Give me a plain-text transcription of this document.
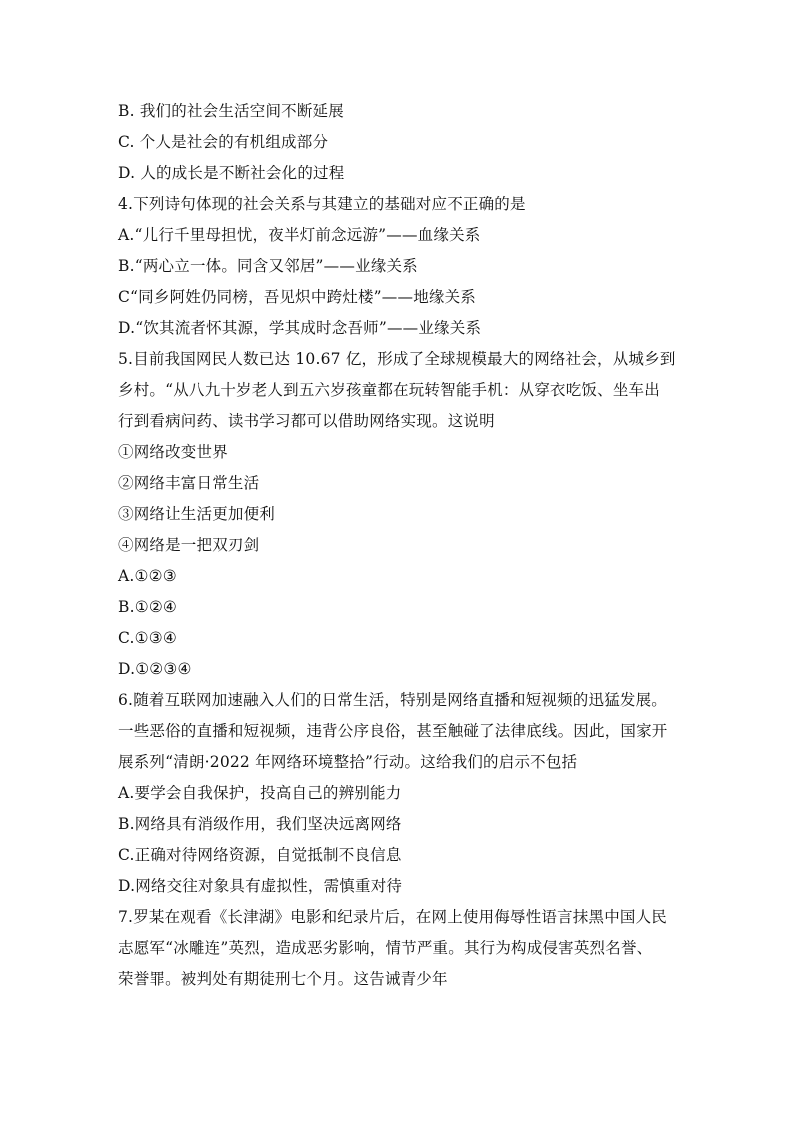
B. 我们的社会生活空间不断延展
C. 个人是社会的有机组成部分
D. 人的成长是不断社会化的过程
4.下列诗句体现的社会关系与其建立的基础对应不正确的是
A.“儿行千里母担忧，夜半灯前念远游”——血缘关系
B.“两心立一体。同含又邻居”——业缘关系
C“同乡阿姓仍同榜，吾见炽中跨灶楼”——地缘关系
D.“饮其流者怀其源，学其成时念吾师”——业缘关系
5.目前我国网民人数已达 10.67 亿，形成了全球规模最大的网络社会，从城乡到
乡村。“从八九十岁老人到五六岁孩童都在玩转智能手机：从穿衣吃饭、坐车出
行到看病问药、读书学习都可以借助网络实现。这说明
①网络改变世界
②网络丰富日常生活
③网络让生活更加便利
④网络是一把双刃剑
A.①②③
B.①②④
C.①③④
D.①②③④
6.随着互联网加速融入人们的日常生活，特别是网络直播和短视频的迅猛发展。
一些恶俗的直播和短视频，违背公序良俗，甚至触碰了法律底线。因此，国家开
展系列“清朗·2022 年网络环境整拾”行动。这给我们的启示不包括
A.要学会自我保护，投高自己的辨别能力
B.网络具有消级作用，我们坚决远离网络
C.正确对待网络资源，自觉抵制不良信息
D.网络交往对象具有虚拟性，需慎重对待
7.罗某在观看《长津湖》电影和纪录片后，在网上使用侮辱性语言抹黑中国人民
志愿军“冰雕连”英烈，造成恶劣影响，情节严重。其行为构成侵害英烈名誉、
荣誉罪。被判处有期徒刑七个月。这告诫青少年
